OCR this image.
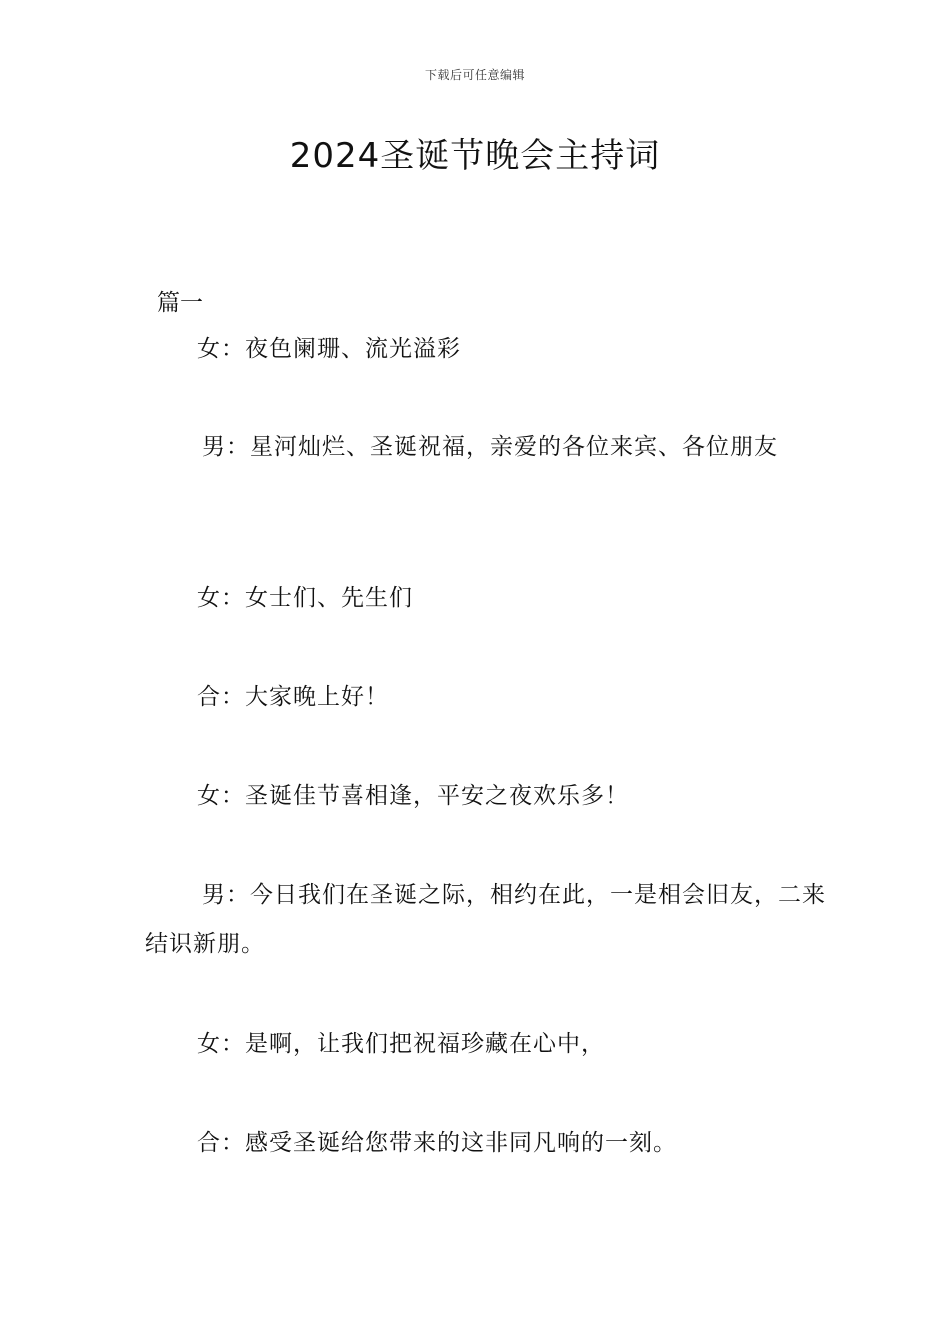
下载后可任意编辑
2024圣诞节晚会主持词
篇一
女：夜色阑珊、流光溢彩
男：星河灿烂、圣诞祝福，亲爱的各位来宾、各位朋友
女：女士们、先生们
合：大家晚上好！
女：圣诞佳节喜相逢，平安之夜欢乐多！
男：今日我们在圣诞之际，相约在此，一是相会旧友，二来结识新朋。
女：是啊，让我们把祝福珍藏在心中，
合：感受圣诞给您带来的这非同凡响的一刻。
